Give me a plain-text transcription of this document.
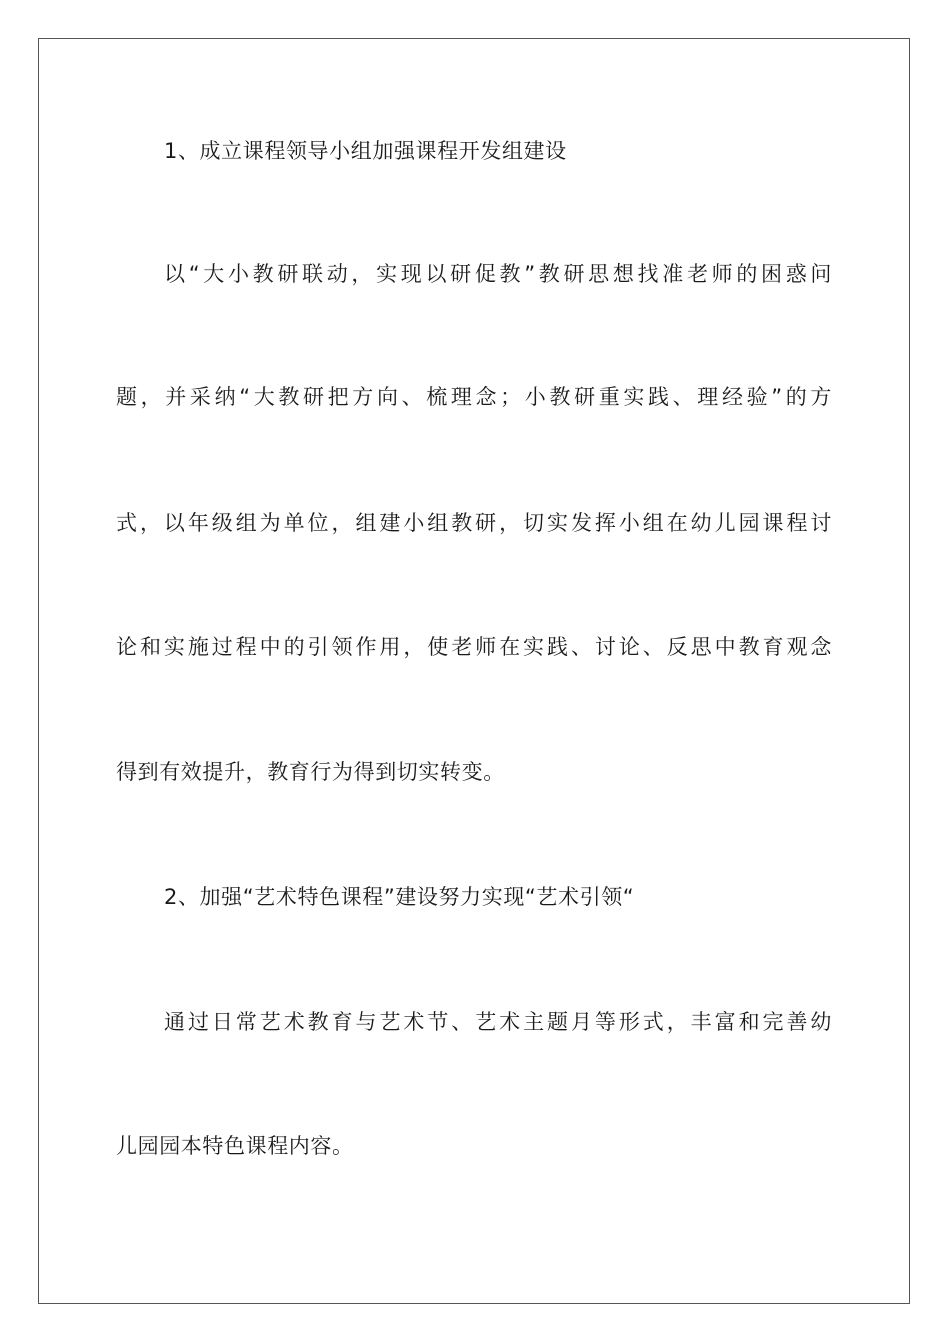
1、成立课程领导小组加强课程开发组建设
以“大小教研联动，实现以研促教”教研思想找准老师的困惑问
题，并采纳“大教研把方向、梳理念；小教研重实践、理经验”的方
式，以年级组为单位，组建小组教研，切实发挥小组在幼儿园课程讨
论和实施过程中的引领作用，使老师在实践、讨论、反思中教育观念
得到有效提升，教育行为得到切实转变。
2、加强“艺术特色课程”建设努力实现“艺术引领“
通过日常艺术教育与艺术节、艺术主题月等形式，丰富和完善幼
儿园园本特色课程内容。
